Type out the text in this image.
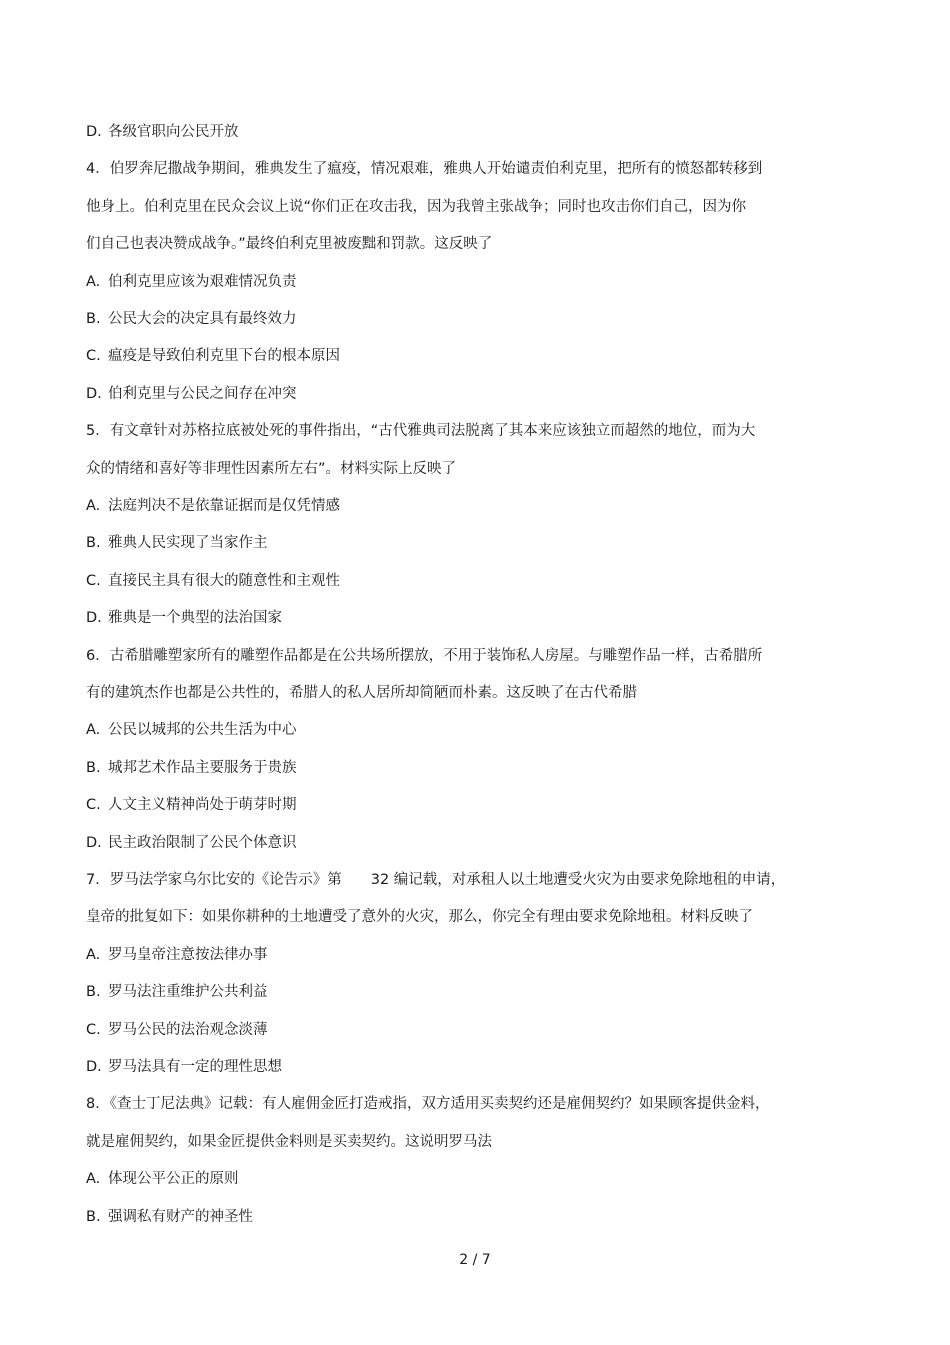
D. 各级官职向公民开放
4．伯罗奔尼撒战争期间，雅典发生了瘟疫，情况艰难，雅典人开始谴责伯利克里，把所有的愤怒都转移到
他身上。伯利克里在民众会议上说“你们正在攻击我，因为我曾主张战争；同时也攻击你们自己，因为你
们自己也表决赞成战争。”最终伯利克里被废黜和罚款。这反映了
A. 伯利克里应该为艰难情况负责
B. 公民大会的决定具有最终效力
C. 瘟疫是导致伯利克里下台的根本原因
D. 伯利克里与公民之间存在冲突
5．有文章针对苏格拉底被处死的事件指出，“古代雅典司法脱离了其本来应该独立而超然的地位，而为大
众的情绪和喜好等非理性因素所左右”。材料实际上反映了
A. 法庭判决不是依靠证据而是仅凭情感
B. 雅典人民实现了当家作主
C. 直接民主具有很大的随意性和主观性
D. 雅典是一个典型的法治国家
6．古希腊雕塑家所有的雕塑作品都是在公共场所摆放，不用于装饰私人房屋。与雕塑作品一样，古希腊所
有的建筑杰作也都是公共性的，希腊人的私人居所却简陋而朴素。这反映了在古代希腊
A. 公民以城邦的公共生活为中心
B. 城邦艺术作品主要服务于贵族
C. 人文主义精神尚处于萌芽时期
D. 民主政治限制了公民个体意识
7．罗马法学家乌尔比安的《论告示》第　　32 编记载，对承租人以土地遭受火灾为由要求免除地租的申请，
皇帝的批复如下：如果你耕种的土地遭受了意外的火灾，那么，你完全有理由要求免除地租。材料反映了
A. 罗马皇帝注意按法律办事
B. 罗马法注重维护公共利益
C. 罗马公民的法治观念淡薄
D. 罗马法具有一定的理性思想
8．《查士丁尼法典》记载：有人雇佣金匠打造戒指，双方适用买卖契约还是雇佣契约？如果顾客提供金料，
就是雇佣契约，如果金匠提供金料则是买卖契约。这说明罗马法
A. 体现公平公正的原则
B. 强调私有财产的神圣性
2 / 7
